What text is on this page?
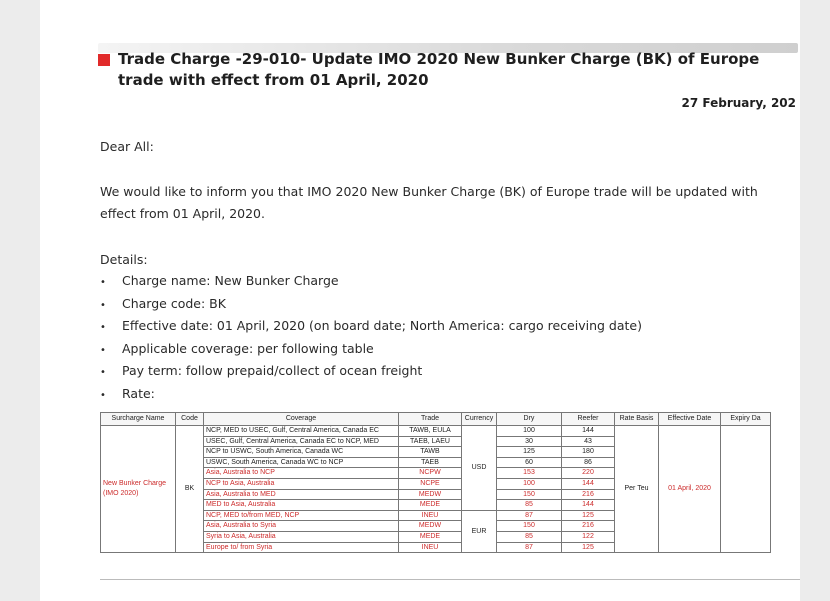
Trade Charge -29-010- Update IMO 2020 New Bunker Charge (BK) of Europe trade with effect from 01 April, 2020
27 February, 202
Dear All:
We would like to inform you that IMO 2020 New Bunker Charge (BK) of Europe trade will be updated with effect from 01 April, 2020.
Details:
• Charge name: New Bunker Charge
• Charge code: BK
• Effective date: 01 April, 2020 (on board date; North America: cargo receiving date)
• Applicable coverage: per following table
• Pay term: follow prepaid/collect of ocean freight
• Rate:
Surcharge Name	Code	Coverage	Trade	Currency	Dry	Reefer	Rate Basis	Effective Date	Expiry Da
New Bunker Charge (IMO 2020)	BK	NCP, MED to USEC, Gulf, Central America, Canada EC	TAWB, EULA	USD	100	144	Per Teu	01 April, 2020	
		USEC, Gulf, Central America, Canada EC to NCP, MED	TAEB, LAEU		30	43			
		NCP to USWC, South America, Canada WC	TAWB		125	180			
		USWC, South America, Canada WC to NCP	TAEB		60	86			
		Asia, Australia to NCP	NCPW		153	220			
		NCP to Asia, Australia	NCPE		100	144			
		Asia, Australia to MED	MEDW		150	216			
		MED to Asia, Australia	MEDE		85	144			
		NCP, MED to/from MED, NCP	INEU	EUR	87	125			
		Asia, Australia to Syria	MEDW		150	216			
		Syria to Asia, Australia	MEDE		85	122			
		Europe to/ from Syria	INEU		87	125			
